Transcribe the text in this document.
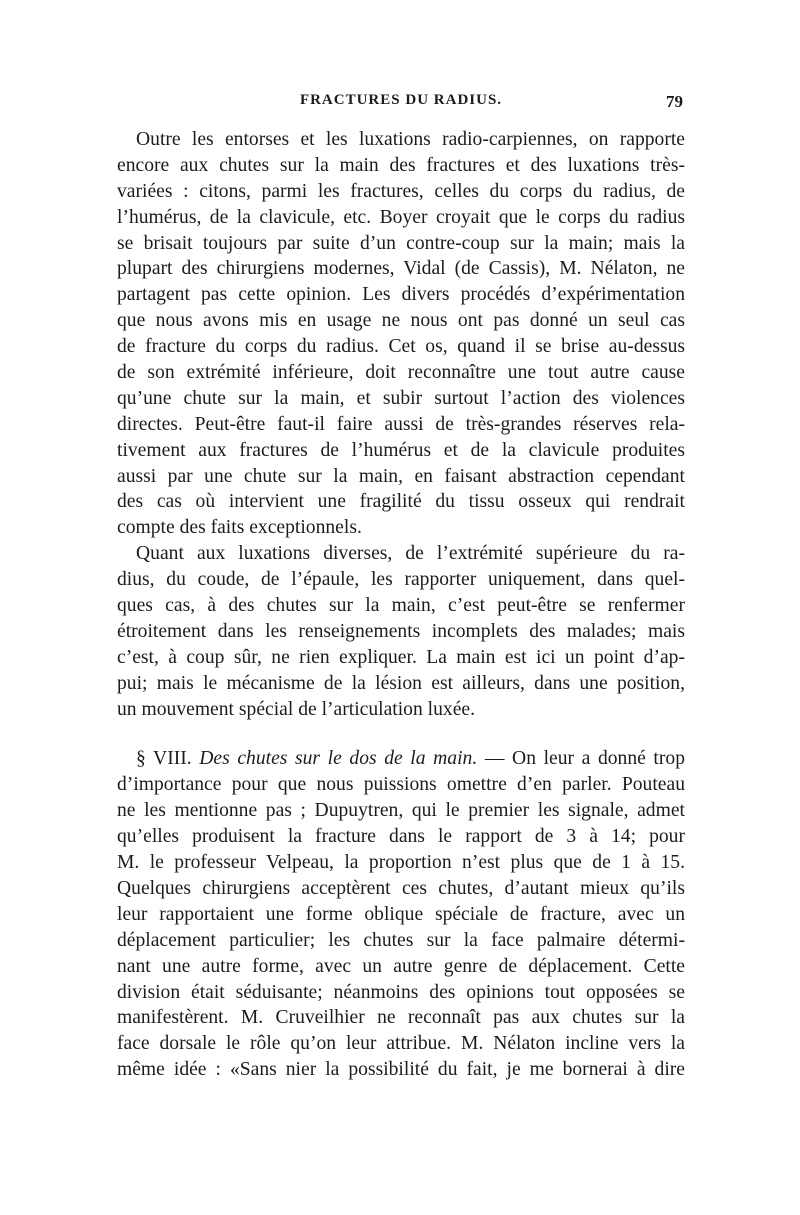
FRACTURES DU RADIUS.	79
Outre les entorses et les luxations radio-carpiennes, on rapporte
encore aux chutes sur la main des fractures et des luxations très-
variées : citons, parmi les fractures, celles du corps du radius, de
l’humérus, de la clavicule, etc. Boyer croyait que le corps du radius
se brisait toujours par suite d’un contre-coup sur la main; mais la
plupart des chirurgiens modernes, Vidal (de Cassis), M. Nélaton, ne
partagent pas cette opinion. Les divers procédés d’expérimentation
que nous avons mis en usage ne nous ont pas donné un seul cas
de fracture du corps du radius. Cet os, quand il se brise au-dessus
de son extrémité inférieure, doit reconnaître une tout autre cause
qu’une chute sur la main, et subir surtout l’action des violences
directes. Peut-être faut-il faire aussi de très-grandes réserves rela-
tivement aux fractures de l’humérus et de la clavicule produites
aussi par une chute sur la main, en faisant abstraction cependant
des cas où intervient une fragilité du tissu osseux qui rendrait
compte des faits exceptionnels.
Quant aux luxations diverses, de l’extrémité supérieure du ra-
dius, du coude, de l’épaule, les rapporter uniquement, dans quel-
ques cas, à des chutes sur la main, c’est peut-être se renfermer
étroitement dans les renseignements incomplets des malades; mais
c’est, à coup sûr, ne rien expliquer. La main est ici un point d’ap-
pui; mais le mécanisme de la lésion est ailleurs, dans une position,
un mouvement spécial de l’articulation luxée.
§ VIII. Des chutes sur le dos de la main. — On leur a donné trop
d’importance pour que nous puissions omettre d’en parler. Pouteau
ne les mentionne pas ; Dupuytren, qui le premier les signale, admet
qu’elles produisent la fracture dans le rapport de 3 à 14; pour
M. le professeur Velpeau, la proportion n’est plus que de 1 à 15.
Quelques chirurgiens acceptèrent ces chutes, d’autant mieux qu’ils
leur rapportaient une forme oblique spéciale de fracture, avec un
déplacement particulier; les chutes sur la face palmaire détermi-
nant une autre forme, avec un autre genre de déplacement. Cette
division était séduisante; néanmoins des opinions tout opposées se
manifestèrent. M. Cruveilhier ne reconnaît pas aux chutes sur la
face dorsale le rôle qu’on leur attribue. M. Nélaton incline vers la
même idée : «Sans nier la possibilité du fait, je me bornerai à dire
